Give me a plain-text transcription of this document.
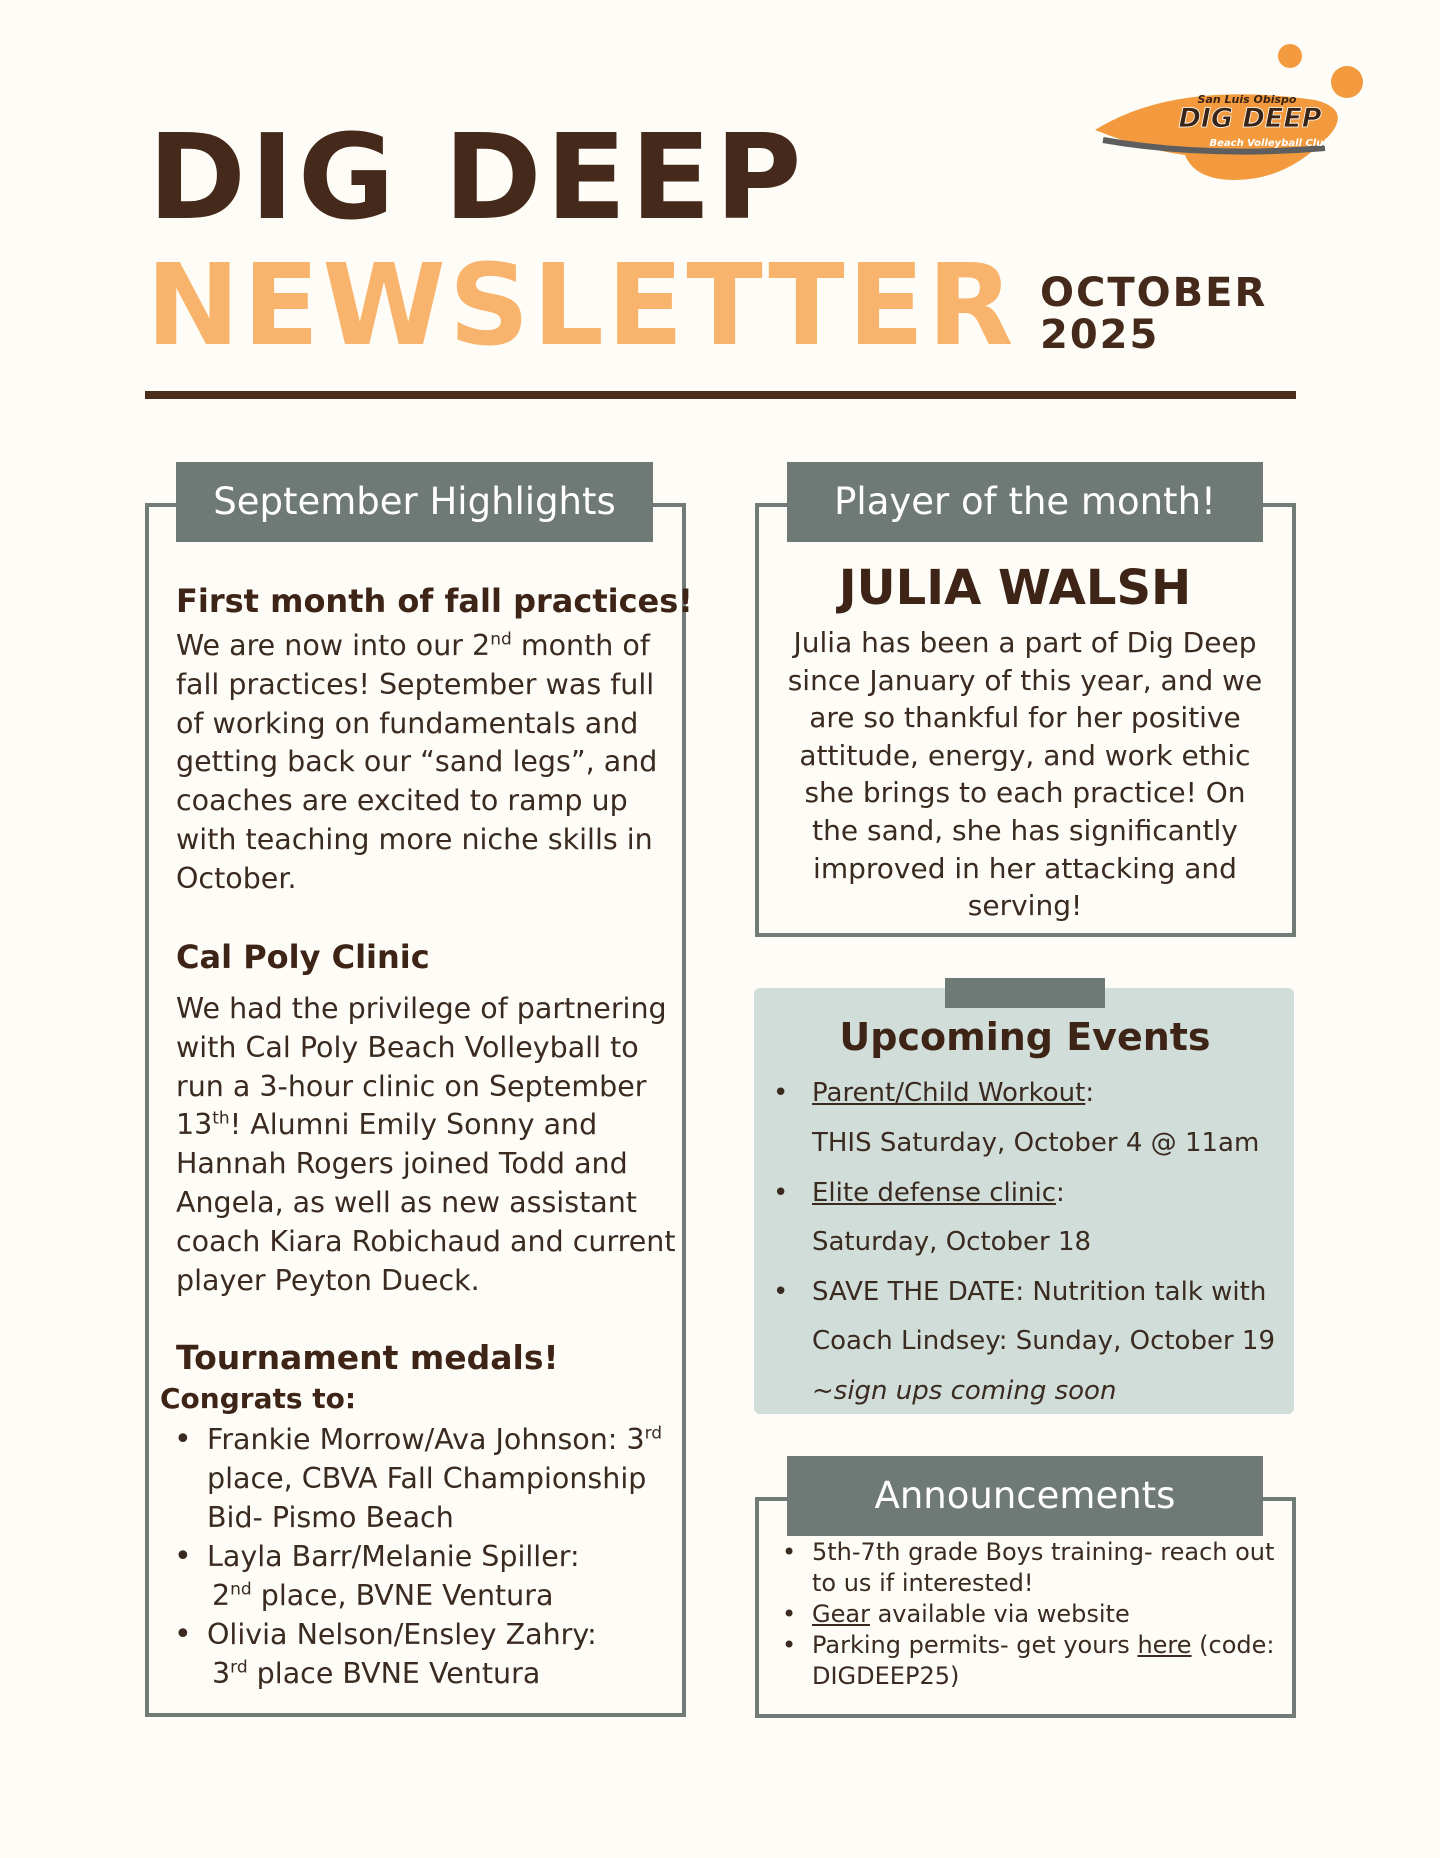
DIG DEEP
NEWSLETTER OCTOBER
2025
San Luis Obispo
DIG DEEP
Beach Volleyball Club
September Highlights
First month of fall practices!
We are now into our 2nd month of fall practices! September was full of working on fundamentals and getting back our “sand legs”, and coaches are excited to ramp up with teaching more niche skills in October.
Cal Poly Clinic
We had the privilege of partnering with Cal Poly Beach Volleyball to run a 3-hour clinic on September 13th! Alumni Emily Sonny and Hannah Rogers joined Todd and Angela, as well as new assistant coach Kiara Robichaud and current player Peyton Dueck.
Tournament medals!
Congrats to:
• Frankie Morrow/Ava Johnson: 3rd place, CBVA Fall Championship Bid- Pismo Beach
• Layla Barr/Melanie Spiller:
2nd place, BVNE Ventura
• Olivia Nelson/Ensley Zahry:
3rd place BVNE Ventura
Player of the month!
JULIA WALSH
Julia has been a part of Dig Deep since January of this year, and we are so thankful for her positive attitude, energy, and work ethic she brings to each practice! On the sand, she has significantly improved in her attacking and serving!
Upcoming Events
• Parent/Child Workout:
THIS Saturday, October 4 @ 11am
• Elite defense clinic:
Saturday, October 18
• SAVE THE DATE: Nutrition talk with
Coach Lindsey: Sunday, October 19
~sign ups coming soon
Announcements
• 5th-7th grade Boys training- reach out to us if interested!
• Gear available via website
• Parking permits- get yours here (code: DIGDEEP25)
